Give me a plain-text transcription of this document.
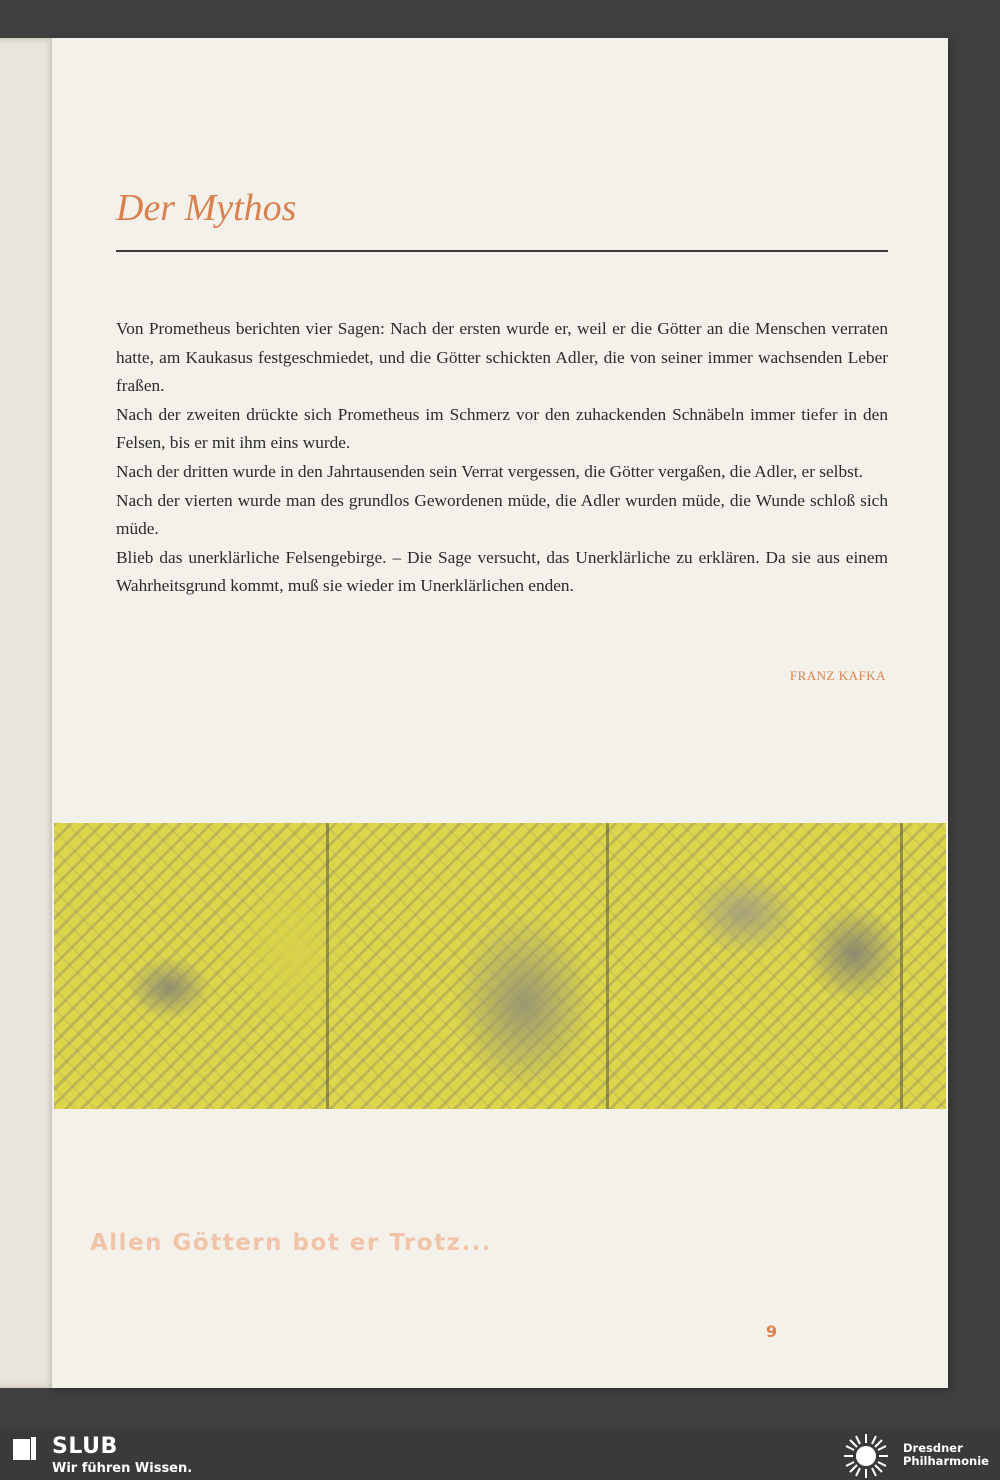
Der Mythos

Von Prometheus berichten vier Sagen: Nach der ersten wurde er, weil er die Götter an die Menschen verraten hatte, am Kaukasus festgeschmiedet, und die Götter schickten Adler, die von seiner immer wachsenden Leber fraßen.

Nach der zweiten drückte sich Prometheus im Schmerz vor den zuhackenden Schnäbeln immer tiefer in den Felsen, bis er mit ihm eins wurde.

Nach der dritten wurde in den Jahrtausenden sein Verrat vergessen, die Götter vergaßen, die Adler, er selbst.

Nach der vierten wurde man des grundlos Gewordenen müde, die Adler wurden müde, die Wunde schloß sich müde.

Blieb das unerklärliche Felsengebirge. – Die Sage versucht, das Unerklärliche zu erklären. Da sie aus einem Wahrheitsgrund kommt, muß sie wieder im Unerklärlichen enden.

FRANZ KAFKA
Allen Göttern bot er Trotz...
9
SLUB
Wir führen Wissen.
Dresdner
Philharmonie
